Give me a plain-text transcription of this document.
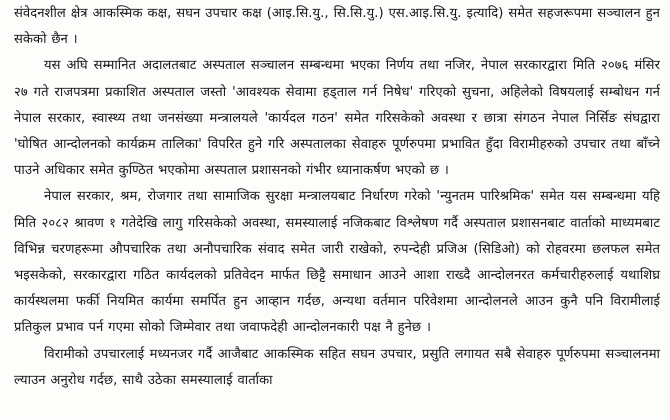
संवेदनशील क्षेत्र आकस्मिक कक्ष, सघन उपचार कक्ष (आइ.सि.यु., सि.सि.यु.) एस.आइ.सि.यु. इत्यादि) समेत सहजरूपमा सञ्चालन हुन सकेको छैन ।

यस अघि सम्मानित अदालतबाट अस्पताल सञ्चालन सम्बन्धमा भएका निर्णय तथा नजिर, नेपाल सरकारद्वारा मिति २०७६ मंसिर २७ गते राजपत्रमा प्रकाशित अस्पताल जस्तो 'आवश्यक सेवामा हड्ताल गर्न निषेध' गरिएको सुचना, अहिलेको विषयलाई सम्बोधन गर्न नेपाल सरकार, स्वास्थ्य तथा जनसंख्या मन्त्रालयले 'कार्यदल गठन' समेत गरिसकेको अवस्था र छात्रा संगठन नेपाल निर्सिङ संघद्वारा 'घोषित आन्दोलनको कार्यक्रम तालिका' विपरित हुने गरि अस्पतालका सेवाहरु पूर्णरुपमा प्रभावित हुँदा विरामीहरुको उपचार तथा बाँच्ने पाउने अधिकार समेत कुण्ठित भएकोमा अस्पताल प्रशासनको गंभीर ध्यानाकर्षण भएको छ ।

नेपाल सरकार, श्रम, रोजगार तथा सामाजिक सुरक्षा मन्त्रालयबाट निर्धारण गरेको 'न्युनतम पारिश्रमिक' समेत यस सम्बन्धमा यहि मिति २०८२ श्रावण १ गतेदेखि लागु गरिसकेको अवस्था, समस्यालाई नजिकबाट विश्लेषण गर्दै अस्पताल प्रशासनबाट वार्ताको माध्यमबाट विभिन्न चरणहरूमा औपचारिक तथा अनौपचारिक संवाद समेत जारी राखेको, रुपन्देही प्रजिअ (सिडिओ) को रोहवरमा छलफल समेत भइसकेको, सरकारद्वारा गठित कार्यदलको प्रतिवेदन मार्फत छिट्टै समाधान आउने आशा राख्दै आन्दोलनरत कर्मचारीहरुलाई यथाशिघ्र कार्यस्थलमा फर्की नियमित कार्यमा समर्पित हुन आव्हान गर्दछ, अन्यथा वर्तमान परिवेशमा आन्दोलनले आउन कुनै पनि विरामीलाई प्रतिकुल प्रभाव पर्न गएमा सोको जिम्मेवार तथा जवाफदेही आन्दोलनकारी पक्ष नै हुनेछ ।

विरामीको उपचारलाई मध्यनजर गर्दै आजैबाट आकस्मिक सहित सघन उपचार, प्रसुति लगायत सबै सेवाहरु पूर्णरुपमा सञ्चालनमा ल्याउन अनुरोध गर्दछ, साथै उठेका समस्यालाई वार्ताका
